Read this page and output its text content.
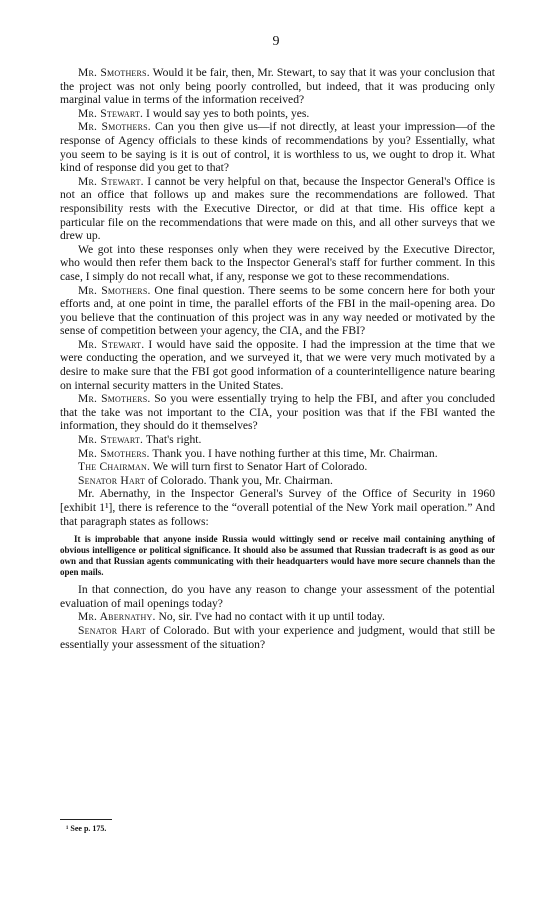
9

Mr. Smothers. Would it be fair, then, Mr. Stewart, to say that it was your conclusion that the project was not only being poorly controlled, but indeed, that it was producing only marginal value in terms of the information received?

Mr. Stewart. I would say yes to both points, yes.

Mr. Smothers. Can you then give us—if not directly, at least your impression—of the response of Agency officials to these kinds of recommendations by you? Essentially, what you seem to be saying is it is out of control, it is worthless to us, we ought to drop it. What kind of response did you get to that?

Mr. Stewart. I cannot be very helpful on that, because the Inspector General's Office is not an office that follows up and makes sure the recommendations are followed. That responsibility rests with the Executive Director, or did at that time. His office kept a particular file on the recommendations that were made on this, and all other surveys that we drew up.

We got into these responses only when they were received by the Executive Director, who would then refer them back to the Inspector General's staff for further comment. In this case, I simply do not recall what, if any, response we got to these recommendations.

Mr. Smothers. One final question. There seems to be some concern here for both your efforts and, at one point in time, the parallel efforts of the FBI in the mail-opening area. Do you believe that the continuation of this project was in any way needed or motivated by the sense of competition between your agency, the CIA, and the FBI?

Mr. Stewart. I would have said the opposite. I had the impression at the time that we were conducting the operation, and we surveyed it, that we were very much motivated by a desire to make sure that the FBI got good information of a counterintelligence nature bearing on internal security matters in the United States.

Mr. Smothers. So you were essentially trying to help the FBI, and after you concluded that the take was not important to the CIA, your position was that if the FBI wanted the information, they should do it themselves?

Mr. Stewart. That's right.

Mr. Smothers. Thank you. I have nothing further at this time, Mr. Chairman.

The Chairman. We will turn first to Senator Hart of Colorado.

Senator Hart of Colorado. Thank you, Mr. Chairman.

Mr. Abernathy, in the Inspector General's Survey of the Office of Security in 1960 [exhibit 1¹], there is reference to the “overall potential of the New York mail operation.” And that paragraph states as follows:

It is improbable that anyone inside Russia would wittingly send or receive mail containing anything of obvious intelligence or political significance. It should also be assumed that Russian tradecraft is as good as our own and that Russian agents communicating with their headquarters would have more secure channels than the open mails.

In that connection, do you have any reason to change your assessment of the potential evaluation of mail openings today?

Mr. Abernathy. No, sir. I've had no contact with it up until today.

Senator Hart of Colorado. But with your experience and judgment, would that still be essentially your assessment of the situation?

¹ See p. 175.
